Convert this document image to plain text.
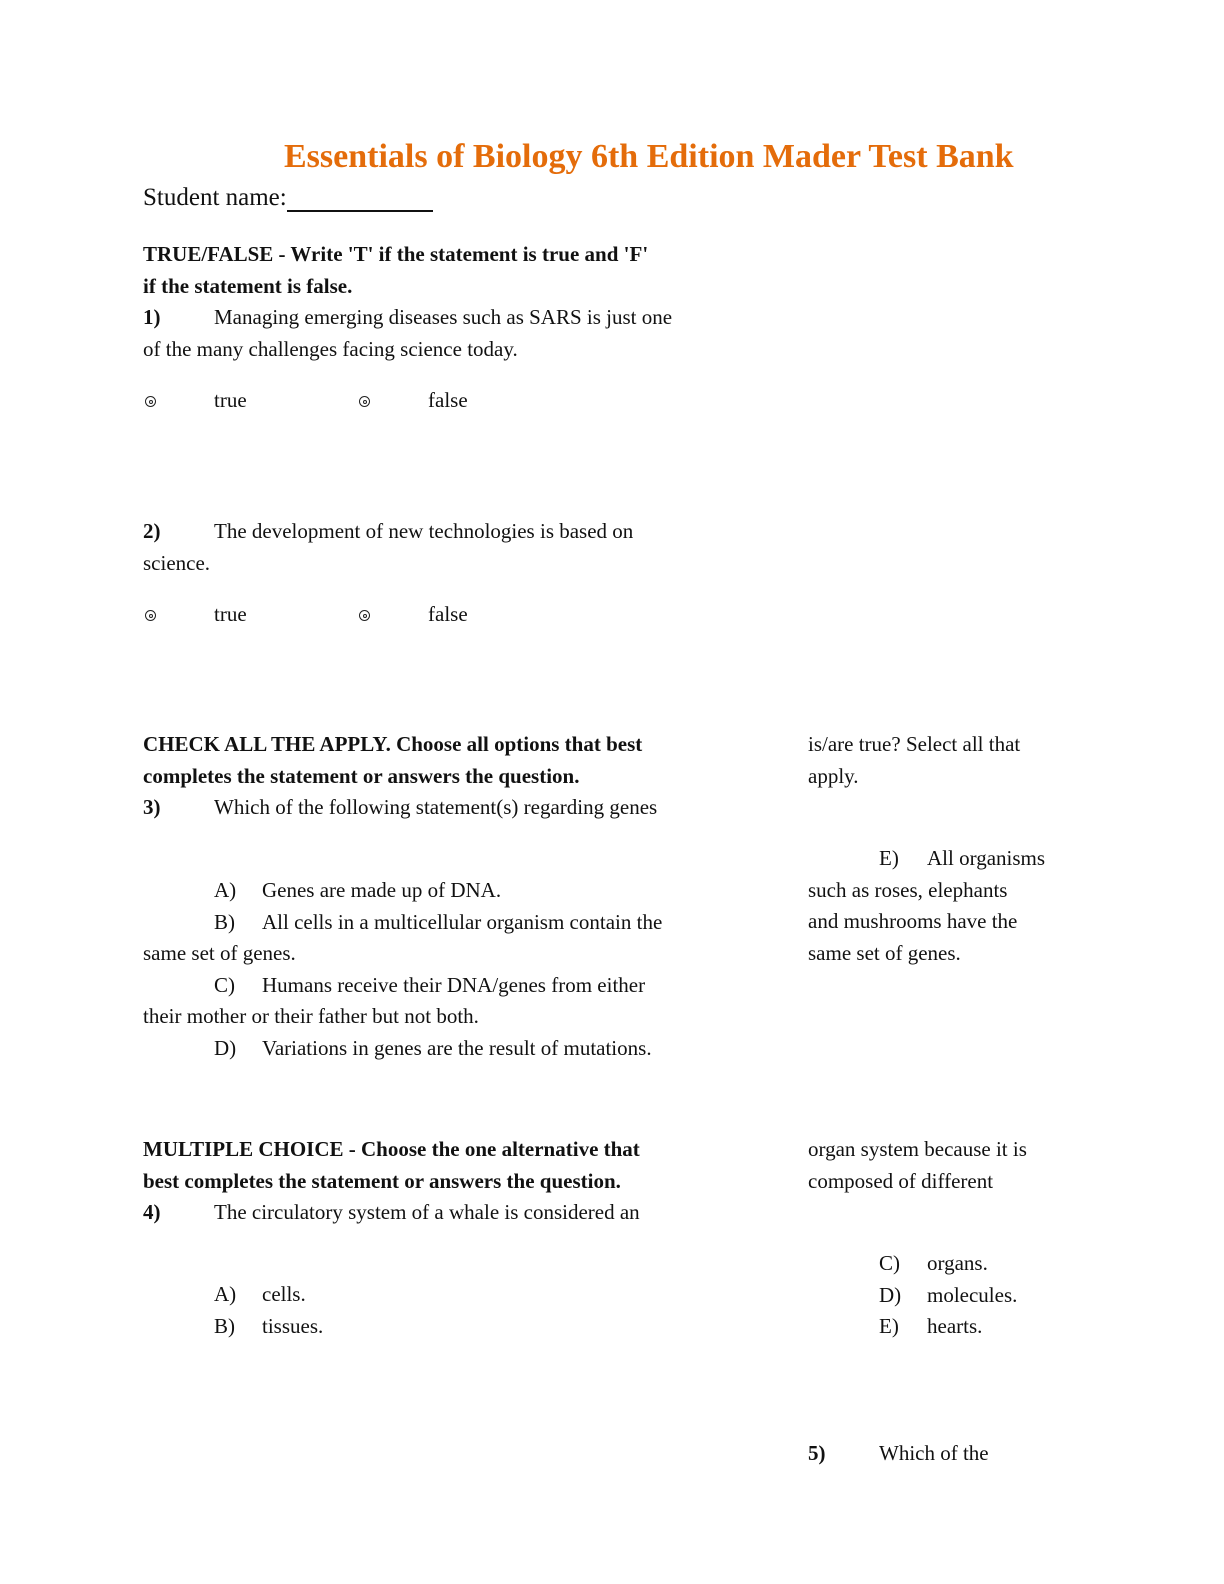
Essentials of Biology 6th Edition Mader Test Bank
Student name:
TRUE/FALSE - Write 'T' if the statement is true and 'F'
if the statement is false.
1)	Managing emerging diseases such as SARS is just one
of the many challenges facing science today.
true	false
2)	The development of new technologies is based on
science.
true	false
CHECK ALL THE APPLY. Choose all options that best
completes the statement or answers the question.
3)	Which of the following statement(s) regarding genes
is/are true? Select all that
apply.
A) Genes are made up of DNA.
B) All cells in a multicellular organism contain the
same set of genes.
C) Humans receive their DNA/genes from either
their mother or their father but not both.
D) Variations in genes are the result of mutations.
E) All organisms
such as roses, elephants
and mushrooms have the
same set of genes.
MULTIPLE CHOICE - Choose the one alternative that
best completes the statement or answers the question.
4)	The circulatory system of a whale is considered an
organ system because it is
composed of different
A) cells.
B) tissues.
C) organs.
D) molecules.
E) hearts.
5)	Which of the
